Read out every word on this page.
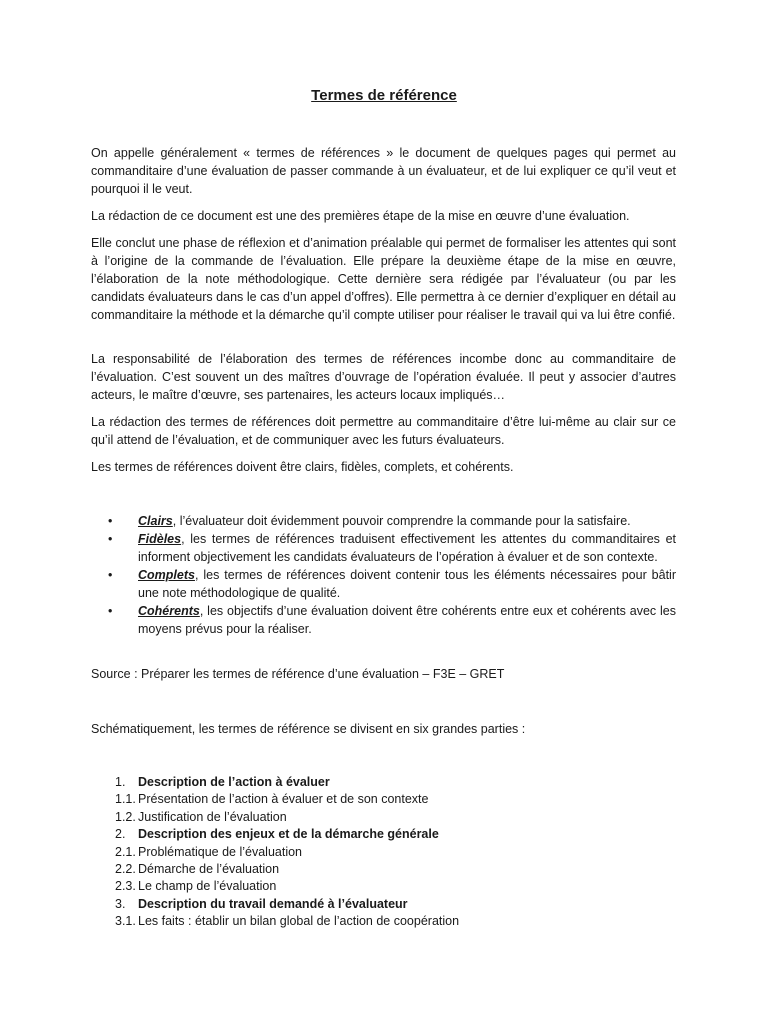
Termes de référence
On appelle généralement « termes de références » le document de quelques pages qui permet au commanditaire d’une évaluation de passer commande à un évaluateur, et de lui expliquer ce qu’il veut et pourquoi il le veut.
La rédaction de ce document est une des premières étape de la mise en œuvre d’une évaluation.
Elle conclut une phase de réflexion et d’animation préalable qui permet de formaliser les attentes qui sont à l’origine de la commande de l’évaluation. Elle prépare la deuxième étape de la mise en œuvre, l’élaboration de la note méthodologique. Cette dernière sera rédigée par l’évaluateur (ou par les candidats évaluateurs dans le cas d’un appel d’offres). Elle permettra à ce dernier d’expliquer en détail au commanditaire la méthode et la démarche qu’il compte utiliser pour réaliser le travail qui va lui être confié.
La responsabilité de l’élaboration des termes de références incombe donc au commanditaire de l’évaluation. C’est souvent un des maîtres d’ouvrage de l’opération évaluée. Il peut y associer d’autres acteurs, le maître d’œuvre, ses partenaires, les acteurs locaux impliqués…
La rédaction des termes de références doit permettre au commanditaire d’être lui-même au clair sur ce qu’il attend de l’évaluation, et de communiquer avec les futurs évaluateurs.
Les termes de références doivent être clairs, fidèles, complets, et cohérents.
• Clairs, l’évaluateur doit évidemment pouvoir comprendre la commande pour la satisfaire.
• Fidèles, les termes de références traduisent effectivement les attentes du commanditaires et informent objectivement les candidats évaluateurs de l’opération à évaluer et de son contexte.
• Complets, les termes de références doivent contenir tous les éléments nécessaires pour bâtir une note méthodologique de qualité.
• Cohérents, les objectifs d’une évaluation doivent être cohérents entre eux et cohérents avec les moyens prévus pour la réaliser.
Source : Préparer les termes de référence d’une évaluation – F3E – GRET
Schématiquement, les termes de référence se divisent en six grandes parties :
1.	Description de l’action à évaluer
1.1. Présentation de l’action à évaluer et de son contexte
1.2. Justification de l’évaluation
2.	Description des enjeux et de la démarche générale
2.1. Problématique de l’évaluation
2.2. Démarche de l’évaluation
2.3. Le champ de l’évaluation
3.	Description du travail demandé à l’évaluateur
3.1. Les faits : établir un bilan global de l’action de coopération
